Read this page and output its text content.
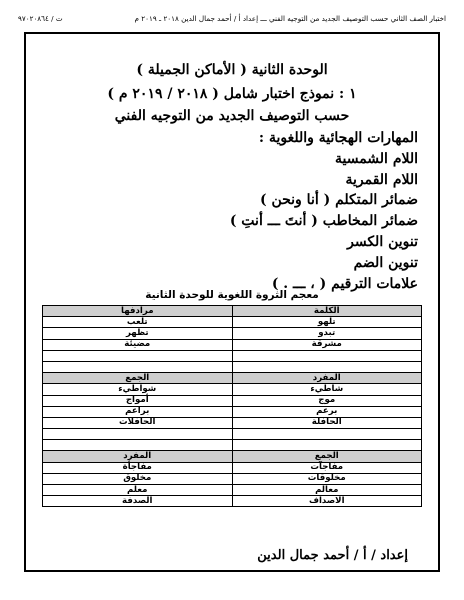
اختبار الصف الثاني حسب التوصيف الجديد من التوجيه الفني ـــ إعداد أ / أحمد جمال الدين ٢٠١٨ ـ ٢٠١٩ م
ت / ٩٧٠٢٠٨٦٤
الوحدة الثانية ( الأماكن الجميلة )
١ : نموذج اختبار شامل ( ٢٠١٨ / ٢٠١٩ م )
حسب التوصيف الجديد من التوجيه الفني
المهارات الهجائية واللغوية :
اللام الشمسية
اللام القمرية
ضمائر المتكلم ( أنا ونحن )
ضمائر المخاطب ( أنتَ ـــ أنتِ )
تنوين الكسر
تنوين الضم
علامات الترقيم ( ، ـــ . )
معجم الثروة اللغوية للوحدة الثانية
الكلمة	مرادفها
تلهو	تلعب
تبدو	تظهر
مشرقة	مضيئة

المفرد	الجمع
شاطيء	شواطيء
موج	أمواج
برعم	براعم
الحافلة	الحافلات

الجمع	المفرد
مفاجآت	مفاجأة
مخلوقات	مخلوق
معالم	معلم
الاصداف	الصدفة
إعداد / أ / أحمد جمال الدين
